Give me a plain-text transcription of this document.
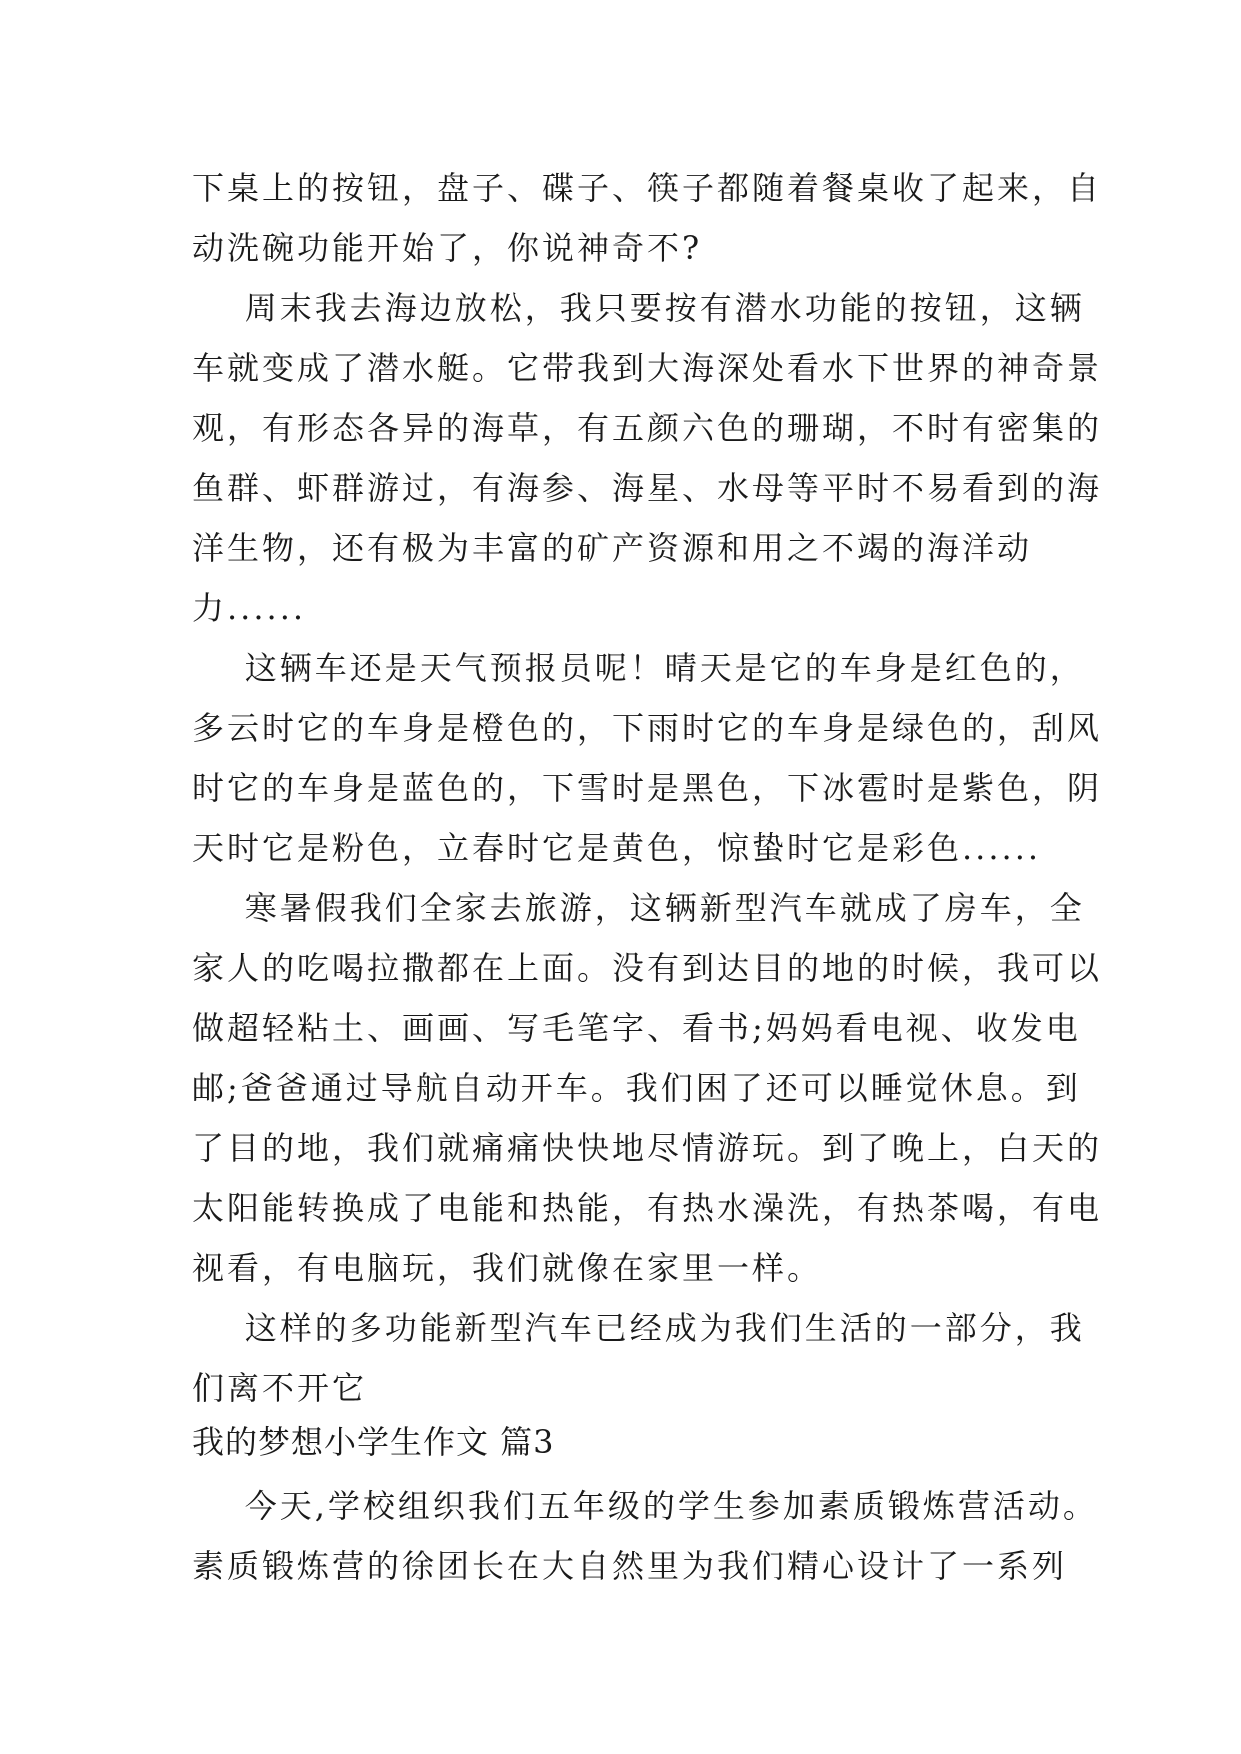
下桌上的按钮，盘子、碟子、筷子都随着餐桌收了起来，自
动洗碗功能开始了，你说神奇不?
周末我去海边放松，我只要按有潜水功能的按钮，这辆
车就变成了潜水艇。它带我到大海深处看水下世界的神奇景
观，有形态各异的海草，有五颜六色的珊瑚，不时有密集的
鱼群、虾群游过，有海参、海星、水母等平时不易看到的海
洋生物，还有极为丰富的矿产资源和用之不竭的海洋动
力......
这辆车还是天气预报员呢！晴天是它的车身是红色的，
多云时它的车身是橙色的，下雨时它的车身是绿色的，刮风
时它的车身是蓝色的，下雪时是黑色，下冰雹时是紫色，阴
天时它是粉色，立春时它是黄色，惊蛰时它是彩色......
寒暑假我们全家去旅游，这辆新型汽车就成了房车，全
家人的吃喝拉撒都在上面。没有到达目的地的时候，我可以
做超轻粘土、画画、写毛笔字、看书;妈妈看电视、收发电
邮;爸爸通过导航自动开车。我们困了还可以睡觉休息。到
了目的地，我们就痛痛快快地尽情游玩。到了晚上，白天的
太阳能转换成了电能和热能，有热水澡洗，有热茶喝，有电
视看，有电脑玩，我们就像在家里一样。
这样的多功能新型汽车已经成为我们生活的一部分，我
们离不开它
我的梦想小学生作文 篇3
今天,学校组织我们五年级的学生参加素质锻炼营活动。
素质锻炼营的徐团长在大自然里为我们精心设计了一系列
